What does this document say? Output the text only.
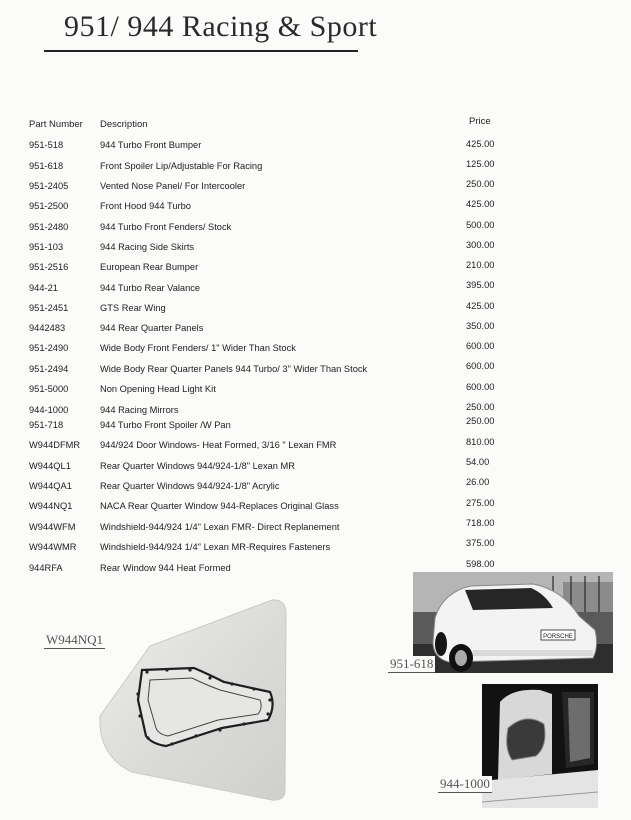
951/ 944 Racing & Sport
Part Number Description	Price
951-518	944 Turbo Front Bumper	425.00
951-618	Front Spoiler Lip/Adjustable For Racing	125.00
951-2405	Vented Nose Panel/ For Intercooler	250.00
951-2500	Front Hood 944 Turbo	425.00
951-2480	944 Turbo Front Fenders/ Stock	500.00
951-103	944 Racing Side Skirts	300.00
951-2516	European Rear Bumper	210.00
944-21	944 Turbo Rear Valance	395.00
951-2451	GTS Rear Wing	425.00
9442483	944 Rear Quarter Panels	350.00
951-2490	Wide Body Front Fenders/ 1" Wider Than Stock	600.00
951-2494	Wide Body Rear Quarter Panels 944 Turbo/ 3" Wider Than Stock	600.00
951-5000	Non Opening Head Light Kit	600.00
944-1000	944 Racing Mirrors	250.00
951-718	944 Turbo Front Spoiler /W Pan	250.00
W944DFMR 944/924 Door Windows- Heat Formed, 3/16 " Lexan FMR	810.00
W944QL1	Rear Quarter Windows 944/924-1/8" Lexan MR	54.00
W944QA1	Rear Quarter Windows 944/924-1/8" Acrylic	26.00
W944NQ1	NACA Rear Quarter Window 944-Replaces Original Glass	275.00
W944WFM	Windshield-944/924 1/4" Lexan FMR- Direct Replanement	718.00
W944WMR	Windshield-944/924 1/4" Lexan MR-Requires Fasteners	375.00
944RFA	Rear Window 944 Heat Formed	598.00
W944NQ1	PORSCHE
951-618
944-1000
